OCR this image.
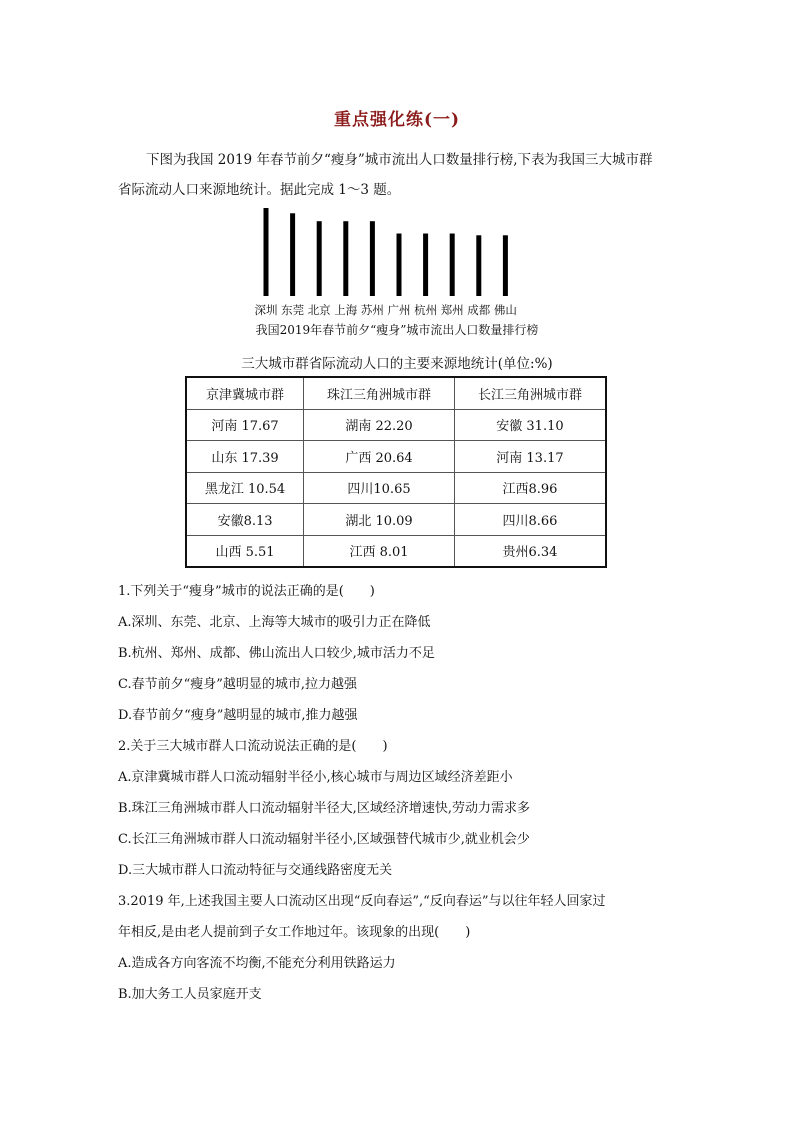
重点强化练(一)
下图为我国 2019 年春节前夕“瘦身”城市流出人口数量排行榜,下表为我国三大城市群
省际流动人口来源地统计。据此完成 1～3 题。
深圳 东莞 北京 上海 苏州 广州 杭州 郑州 成都 佛山
我国2019年春节前夕“瘦身”城市流出人口数量排行榜
三大城市群省际流动人口的主要来源地统计(单位:%)
京津冀城市群	珠江三角洲城市群	长江三角洲城市群
河南 17.67	湖南 22.20	安徽 31.10
山东 17.39	广西 20.64	河南 13.17
黑龙江 10.54	四川10.65	江西8.96
安徽8.13	湖北 10.09	四川8.66
山西 5.51	江西 8.01	贵州6.34

1.下列关于“瘦身”城市的说法正确的是(　　)

A.深圳、东莞、北京、上海等大城市的吸引力正在降低

B.杭州、郑州、成都、佛山流出人口较少,城市活力不足

C.春节前夕“瘦身”越明显的城市,拉力越强

D.春节前夕“瘦身”越明显的城市,推力越强

2.关于三大城市群人口流动说法正确的是(　　)

A.京津冀城市群人口流动辐射半径小,核心城市与周边区域经济差距小

B.珠江三角洲城市群人口流动辐射半径大,区域经济增速快,劳动力需求多

C.长江三角洲城市群人口流动辐射半径小,区域强替代城市少,就业机会少

D.三大城市群人口流动特征与交通线路密度无关

3.2019 年,上述我国主要人口流动区出现“反向春运”,“反向春运”与以往年轻人回家过

年相反,是由老人提前到子女工作地过年。该现象的出现(　　)

A.造成各方向客流不均衡,不能充分利用铁路运力

B.加大务工人员家庭开支
